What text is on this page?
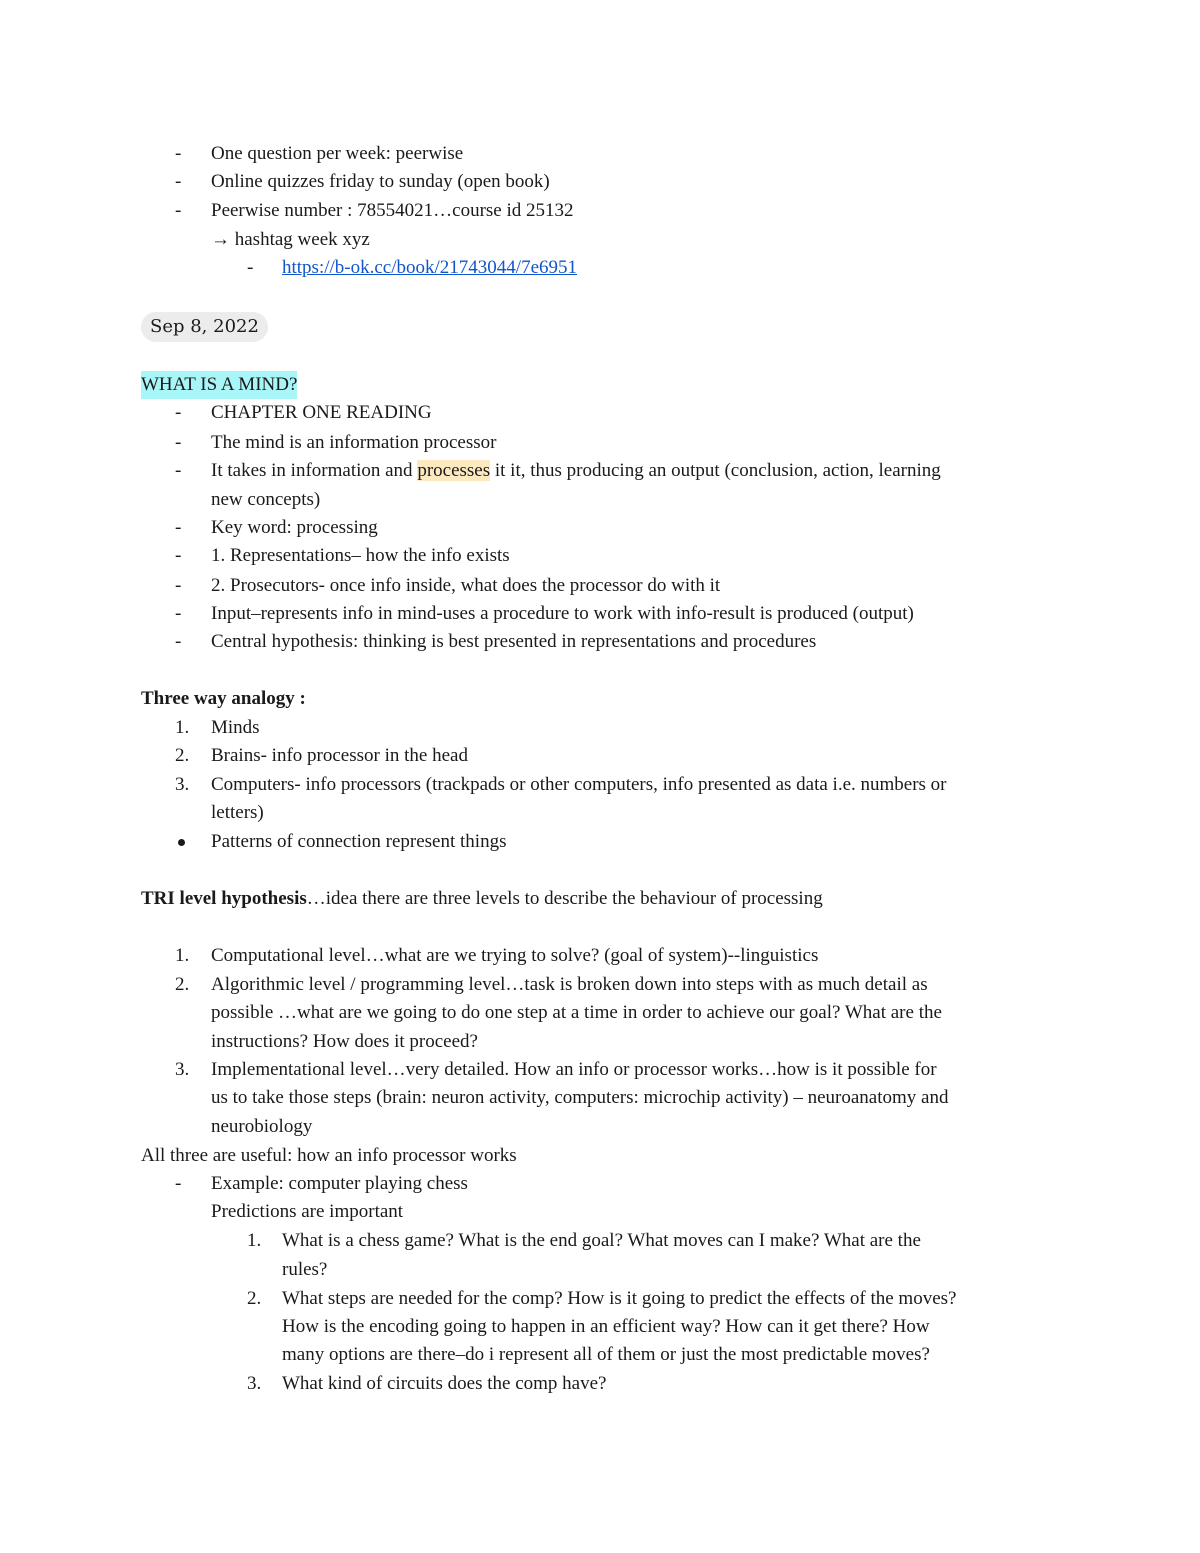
- One question per week: peerwise
- Online quizzes friday to sunday (open book)
- Peerwise number : 78554021…course id 25132
→ hashtag week xyz
- https://b-ok.cc/book/21743044/7e6951
Sep 8, 2022
WHAT IS A MIND?
- CHAPTER ONE READING
- The mind is an information processor
- It takes in information and processes it it, thus producing an output (conclusion, action, learning
new concepts)
- Key word: processing
- 1. Representations– how the info exists
- 2. Prosecutors- once info inside, what does the processor do with it
- Input–represents info in mind-uses a procedure to work with info-result is produced (output)
- Central hypothesis: thinking is best presented in representations and procedures
Three way analogy :
1. Minds
2. Brains- info processor in the head
3. Computers- info processors (trackpads or other computers, info presented as data i.e. numbers or
letters)
Patterns of connection represent things
TRI level hypothesis…idea there are three levels to describe the behaviour of processing
1. Computational level…what are we trying to solve? (goal of system)--linguistics
2. Algorithmic level / programming level…task is broken down into steps with as much detail as
possible …what are we going to do one step at a time in order to achieve our goal? What are the
instructions? How does it proceed?
3. Implementational level…very detailed. How an info or processor works…how is it possible for
us to take those steps (brain: neuron activity, computers: microchip activity) – neuroanatomy and
neurobiology
All three are useful: how an info processor works
- Example: computer playing chess
Predictions are important
1. What is a chess game? What is the end goal? What moves can I make? What are the
rules?
2. What steps are needed for the comp? How is it going to predict the effects of the moves?
How is the encoding going to happen in an efficient way? How can it get there? How
many options are there–do i represent all of them or just the most predictable moves?
3. What kind of circuits does the comp have?
